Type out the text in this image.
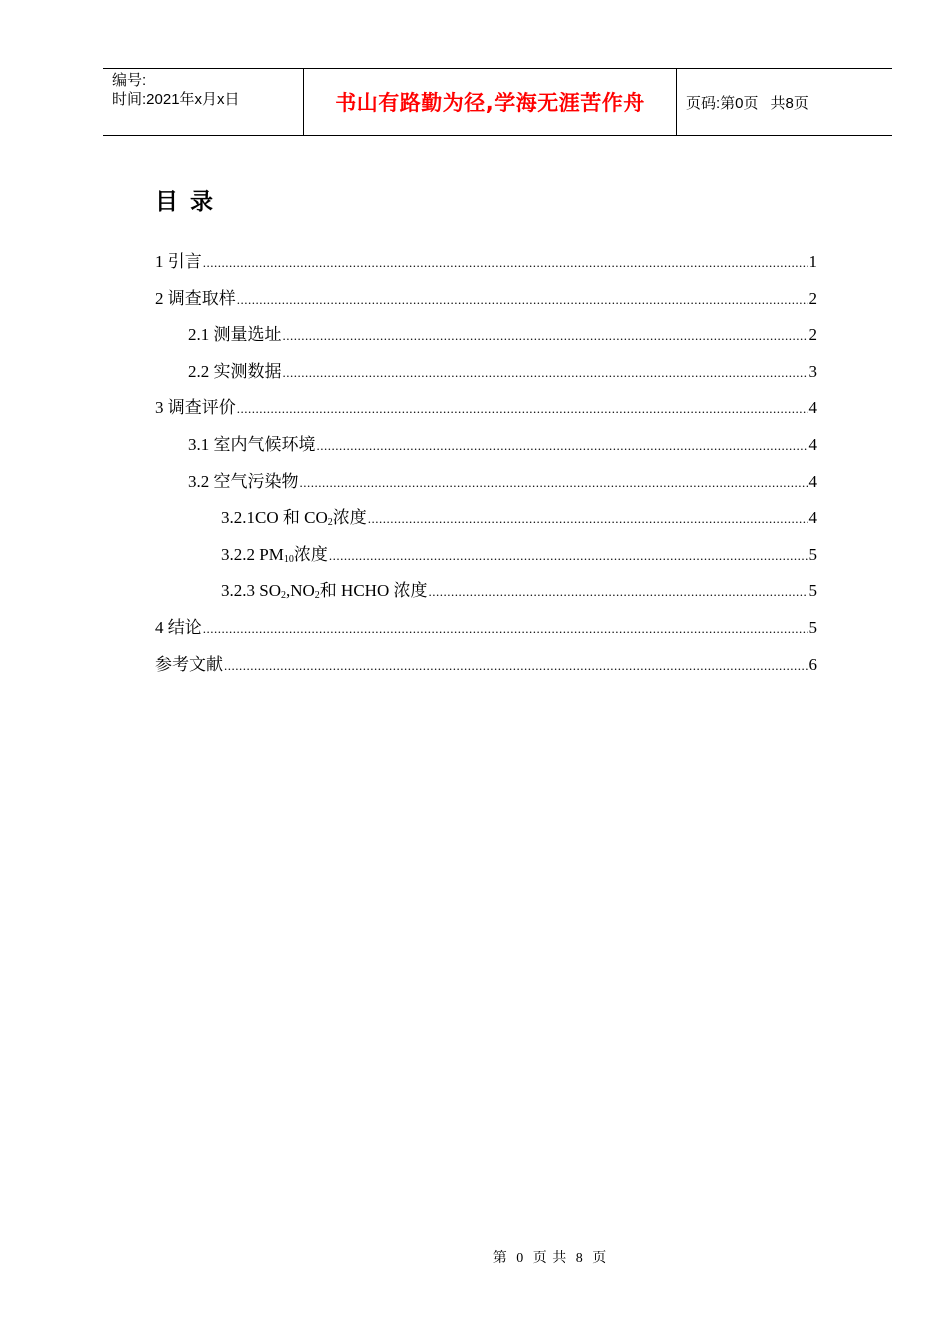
编号:
时间:2021年x月x日	书山有路勤为径,学海无涯苦作舟	页码:第0页 共8页
目录
1 引言 .....	1
2 调查取样 .....	2
2.1 测量选址 .....	2
2.2 实测数据 .....	3
3 调查评价 .....	4
3.1 室内气候环境 .....	4
3.2 空气污染物 .....	4
3.2.1CO 和 $CO_2$浓度 .....	4
3.2.2 $PM_{10}$浓度 .....	5
3.2.3 $SO_2,NO_2$和 HCHO 浓度 .....	5
4 结论 .....	5
参考文献 .....	6
第 0 页 共 8 页
